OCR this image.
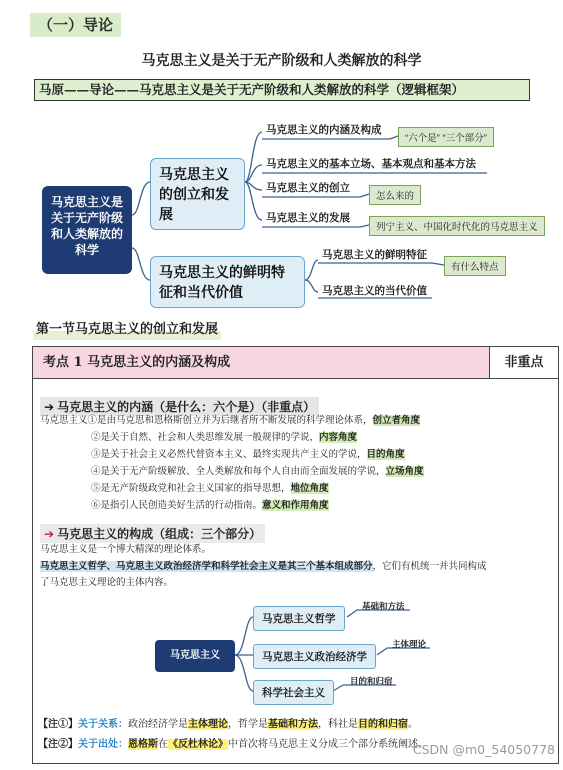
（一）导论
马克思主义是关于无产阶级和人类解放的科学
马原——导论——马克思主义是关于无产阶级和人类解放的科学（逻辑框架）
马克思主义是关于无产阶级和人类解放的科学
马克思主义的创立和发展
马克思主义的鲜明特征和当代价值
马克思主义的内涵及构成
“六个是” “三个部分”
马克思主义的基本立场、基本观点和基本方法
马克思主义的创立
怎么来的
马克思主义的发展
列宁主义、中国化时代化的马克思主义
马克思主义的鲜明特征
有什么特点
马克思主义的当代价值
第一节马克思主义的创立和发展
考点 1 马克思主义的内涵及构成	非重点
➔ 马克思主义的内涵（是什么：六个是）（非重点）
马克思主义①是由马克思和恩格斯创立并为后继者所不断发展的科学理论体系，创立者角度
②是关于自然、社会和人类思维发展一般规律的学说，内容角度
③是关于社会主义必然代替资本主义、最终实现共产主义的学说，目的角度
④是关于无产阶级解放、全人类解放和每个人自由而全面发展的学说，立场角度
⑤是无产阶级政党和社会主义国家的指导思想，地位角度
⑥是指引人民创造美好生活的行动指南。意义和作用角度
➔ 马克思主义的构成（组成：三个部分）
马克思主义是一个博大精深的理论体系。
马克思主义哲学、马克思主义政治经济学和科学社会主义是其三个基本组成部分，它们有机统一并共同构成
了马克思主义理论的主体内容。
马克思主义
马克思主义哲学
基础和方法
马克思主义政治经济学
主体理论
科学社会主义
目的和归宿
【注①】关于关系：政治经济学是主体理论，哲学是基础和方法，科社是目的和归宿。
【注②】关于出处：恩格斯在《反杜林论》中首次将马克思主义分成三个部分系统阐述。
CSDN @m0_54050778
